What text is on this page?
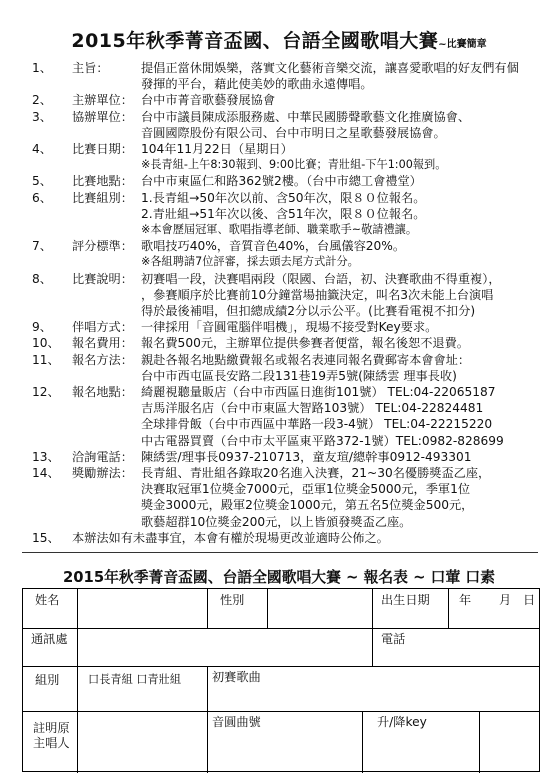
2015年秋季菁音盃國、台語全國歌唱大賽~比賽簡章
1、	主旨：	提倡正當休閒娛樂，落實文化藝術音樂交流，讓喜愛歌唱的好友們有個
發揮的平台，藉此使美妙的歌曲永遠傳唱。
2、	主辦單位： 台中市菁音歌藝發展協會
3、	協辦單位： 台中市議員陳成添服務處、中華民國勝聲歌藝文化推廣協會、
音圓國際股份有限公司、台中市明日之星歌藝發展協會。
4、	比賽日期： 104年11月22日（星期日）
※長青組-上午8:30報到、9:00比賽；青壯組-下午1:00報到。
5、	比賽地點： 台中市東區仁和路362號2樓。（台中市總工會禮堂）
6、	比賽組別： 1.長青組→50年次以前、含50年次，限８０位報名。
2.青壯組→51年次以後、含51年次，限８０位報名。
※本會歷屆冠軍、歌唱指導老師、職業歌手~敬請禮讓。
7、	評分標準： 歌唱技巧40%，音質音色40%，台風儀容20%。
※各組聘請7位評審，採去頭去尾方式計分。
8、	比賽說明： 初賽唱一段，決賽唱兩段（限國、台語，初、決賽歌曲不得重複），
，參賽順序於比賽前10分鐘當場抽籤決定，叫名3次未能上台演唱
得於最後補唱，但扣總成績2分以示公平。(比賽看電視不扣分)
9、	伴唱方式： 一律採用「音圓電腦伴唱機」，現場不接受對Key要求。
10、	報名費用： 報名費500元，主辦單位提供參賽者便當，報名後恕不退費。
11、	報名方法： 親赴各報名地點繳費報名或報名表連同報名費郵寄本會會址：
台中市西屯區長安路二段131巷19弄5號(陳綉雲 理事長收)
12、	報名地點： 綺麗視聽量販店（台中市西區日進街101號） TEL:04-22065187
吉馬洋服名店（台中市東區大智路103號） TEL:04-22824481
全球排骨飯（台中市西區中華路一段3-4號） TEL:04-22215220
中古電器買賣（台中市太平區東平路372-1號）TEL:0982-828699
13、	洽詢電話： 陳綉雲/理事長0937-210713，童友瑄/總幹事0912-493301
14、	獎勵辦法： 長青組、青壯組各錄取20名進入決賽，21~30名優勝獎盃乙座，
決賽取冠軍1位獎金7000元，亞軍1位獎金5000元，季軍1位
獎金3000元，殿軍2位獎金1000元，第五名5位獎金500元，
歌藝超群10位獎金200元，以上皆頒發獎盃乙座。
15、	本辦法如有未盡事宜，本會有權於現場更改並適時公佈之。
2015年秋季菁音盃國、台語全國歌唱大賽 ~ 報名表 ~ 口葷 口素
姓名	性別	出生日期 年 月 日
通訊處	電話
組別	口長青組 口青壯組	初賽歌曲
註明原
主唱人
音圓曲號	升/降key
